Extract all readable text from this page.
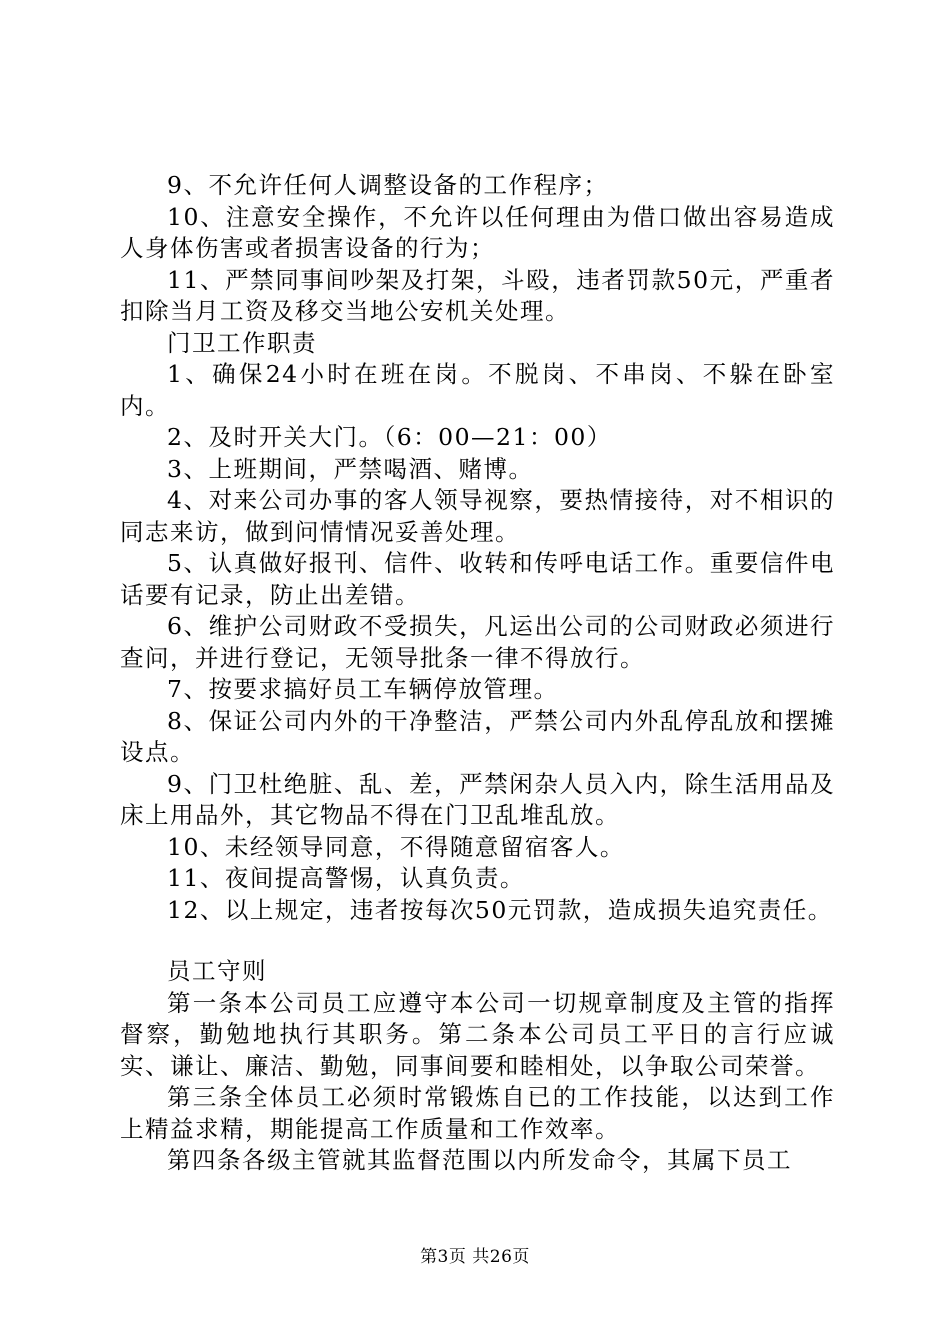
9、不允许任何人调整设备的工作程序；

10、注意安全操作，不允许以任何理由为借口做出容易造成人身体伤害或者损害设备的行为；

11、严禁同事间吵架及打架，斗殴，违者罚款50元，严重者扣除当月工资及移交当地公安机关处理。

门卫工作职责

1、确保24小时在班在岗。不脱岗、不串岗、不躲在卧室内。

2、及时开关大门。（6：00—21：00）

3、上班期间，严禁喝酒、赌博。

4、对来公司办事的客人领导视察，要热情接待，对不相识的同志来访，做到问情情况妥善处理。

5、认真做好报刊、信件、收转和传呼电话工作。重要信件电话要有记录，防止出差错。

6、维护公司财政不受损失，凡运出公司的公司财政必须进行查问，并进行登记，无领导批条一律不得放行。

7、按要求搞好员工车辆停放管理。

8、保证公司内外的干净整洁，严禁公司内外乱停乱放和摆摊设点。

9、门卫杜绝脏、乱、差，严禁闲杂人员入内，除生活用品及床上用品外，其它物品不得在门卫乱堆乱放。

10、未经领导同意，不得随意留宿客人。

11、夜间提高警惕，认真负责。

12、以上规定，违者按每次50元罚款，造成损失追究责任。

员工守则

第一条本公司员工应遵守本公司一切规章制度及主管的指挥督察，勤勉地执行其职务。第二条本公司员工平日的言行应诚实、谦让、廉洁、勤勉，同事间要和睦相处，以争取公司荣誉。

第三条全体员工必须时常锻炼自已的工作技能，以达到工作上精益求精，期能提高工作质量和工作效率。

第四条各级主管就其监督范围以内所发命令，其属下员工

第3页 共26页
